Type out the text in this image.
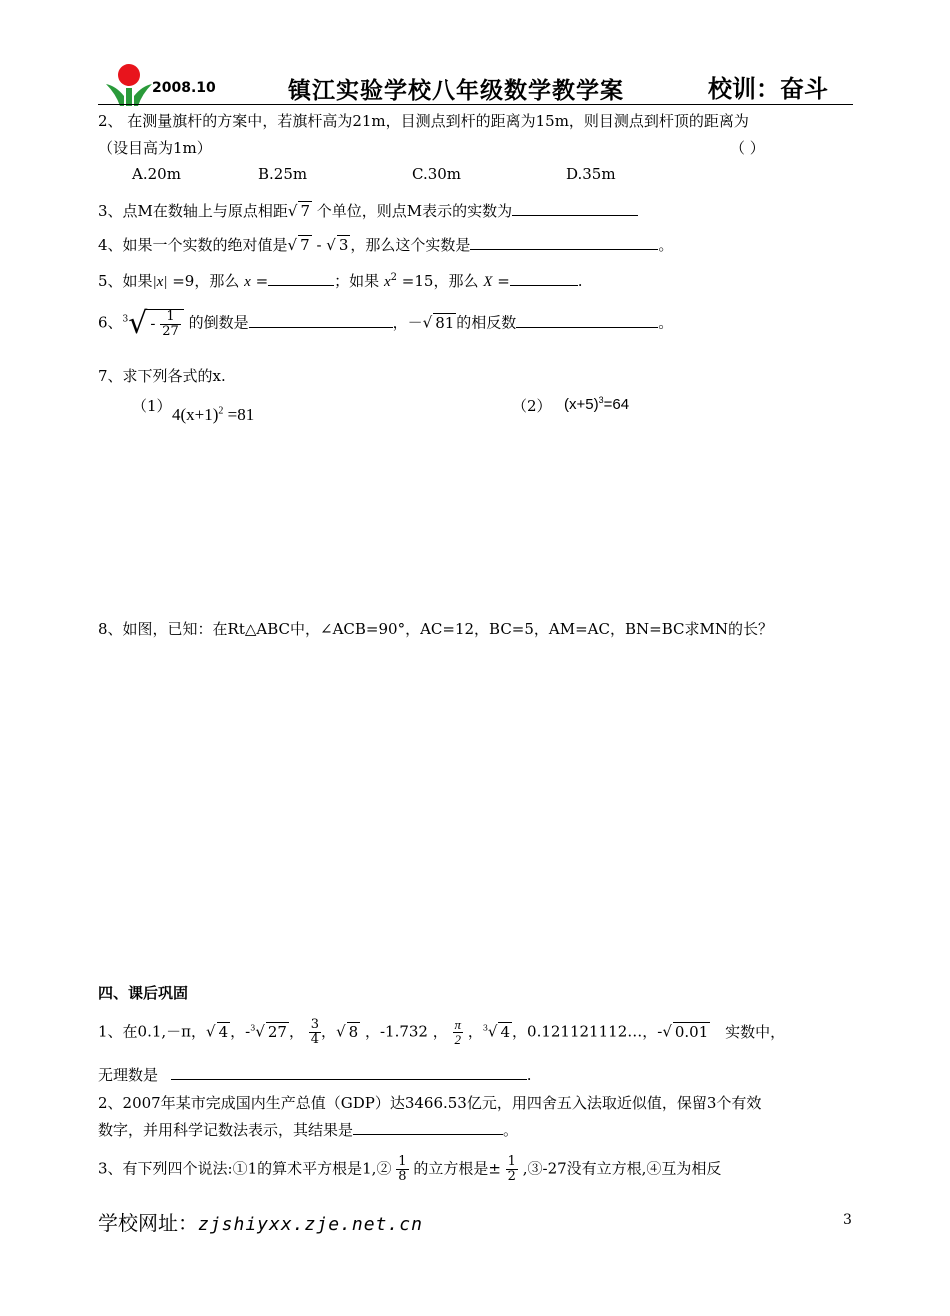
2008.10	镇江实验学校八年级数学教学案	校训：奋斗
2、 在测量旗杆的方案中，若旗杆高为21m，目测点到杆的距离为15m，则目测点到杆顶的距离为
（设目高为1m）	（ ）
A.20m	B.25m	C.30m	D.35m
3、点M在数轴上与原点相距√ 7 个单位，则点M表示的实数为
4、如果一个实数的绝对值是√ 7 - √ 3 ，那么这个实数是	。
5、如果|x| =9，那么 x =	；如果 $x^2 =15$，那么 X =	.
6、$^3√ - \frac{1}{27}$ 的倒数是	，－√ 81 的相反数	。
7、求下列各式的x.
（1） $4(x+1)^2 =81$	（2） $(x+5)^3=64$
8、如图，已知：在Rt△ABC中，∠ACB=90°，AC=12，BC=5，AM=AC，BN=BC求MN的长？
四、课后巩固
1、在0.1,－π，√ 4 ，-$^3$√ 27 ， $\frac{3}{4}$ ，√ 8 ，-1.732 ， $\frac{\pi}{2}$ ，$^3$√ 4 ，0.121121112…，-√ 0.01 实数中，
无理数是	.
2、2007年某市完成国内生产总值（GDP）达3466.53亿元，用四舍五入法取近似值，保留3个有效
数字，并用科学记数法表示，其结果是	。
3、有下列四个说法:①1的算术平方根是1,② $\frac{1}{8}$ 的立方根是± $\frac{1}{2}$ ,③-27没有立方根,④互为相反
学校网址：zjshiyxx.zje.net.cn	3
